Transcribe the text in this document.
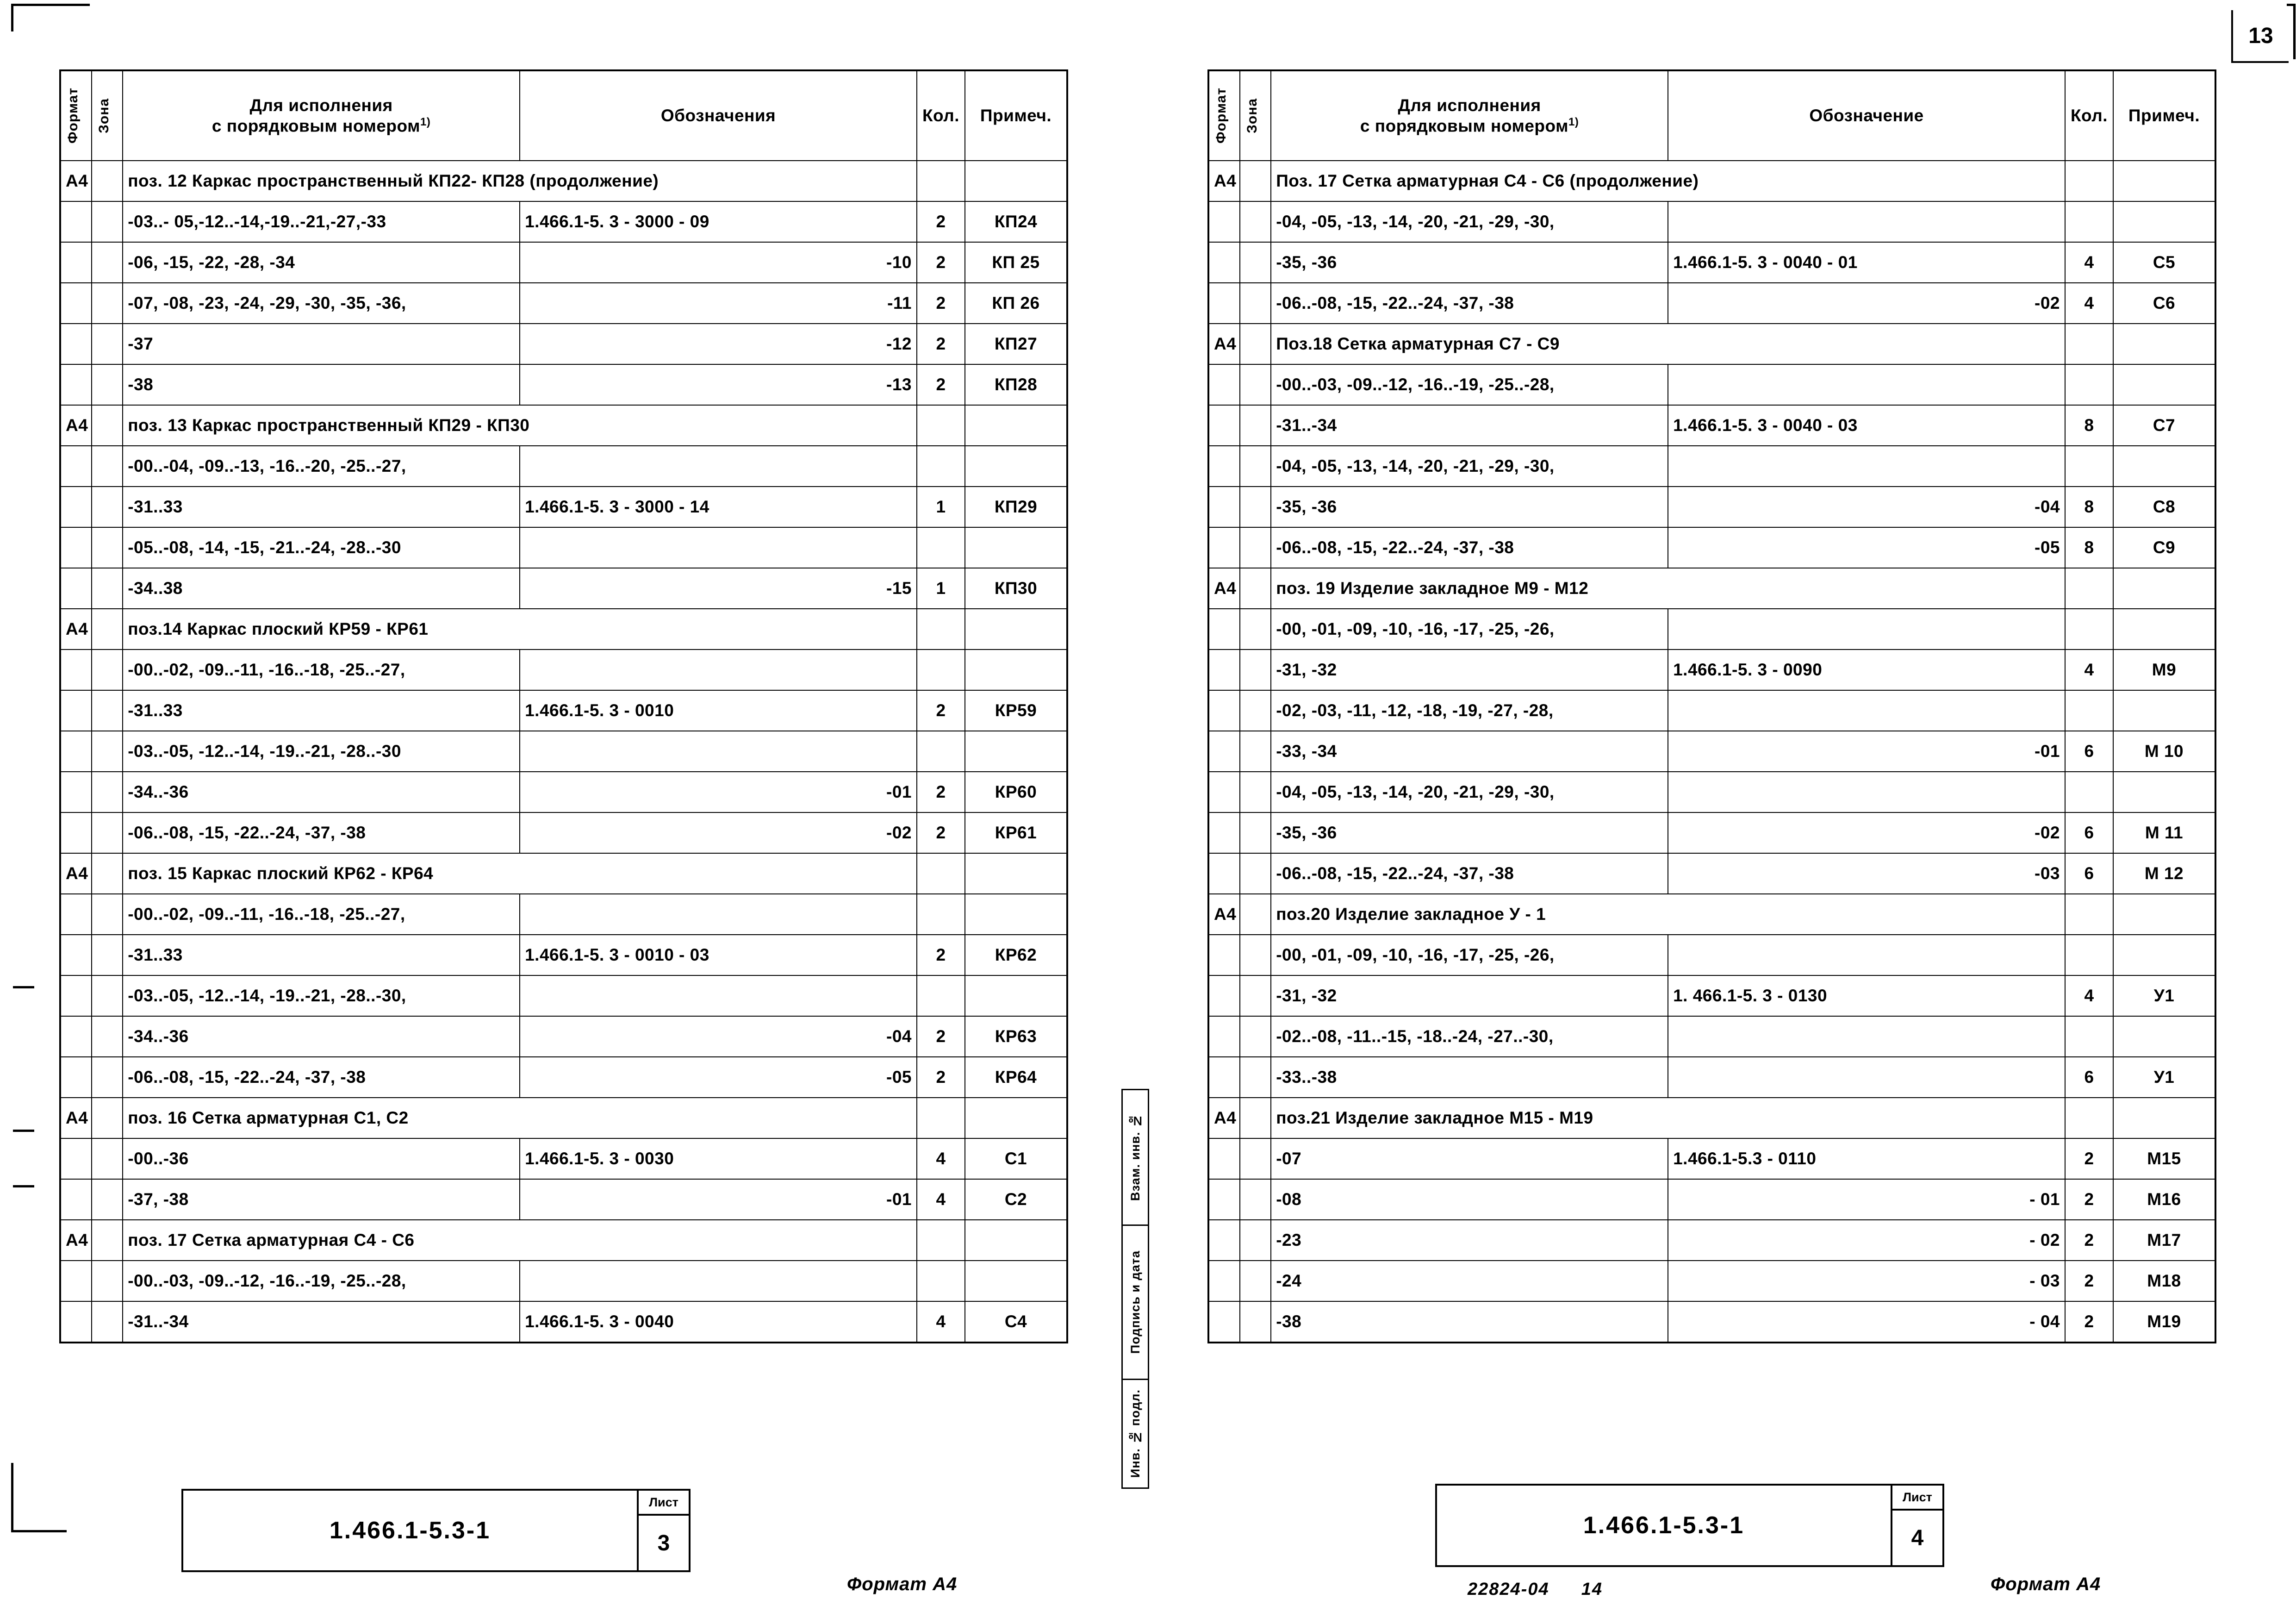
Формат	Зона	Для исполнения
с порядковым номером$^{1)}$	Обозначения	Кол.	Примеч.
А4		поз. 12 Каркас пространственный КП22- КП28 (продолжение)			
		-03..- 05,-12..-14,-19..-21,-27,-33	1.466.1-5. 3 - 3000 - 09	2	КП24
		-06, -15, -22, -28, -34	-10	2	КП 25
		-07, -08, -23, -24, -29, -30, -35, -36,	-11	2	КП 26
		-37	-12	2	КП27
		-38	-13	2	КП28
А4		поз. 13 Каркас пространственный КП29 - КП30			
		-00..-04, -09..-13, -16..-20, -25..-27,			
		-31..33	1.466.1-5. 3 - 3000 - 14	1	КП29
		-05..-08, -14, -15, -21..-24, -28..-30			
		-34..38	-15	1	КП30
А4		поз.14 Каркас плоский КР59 - КР61			
		-00..-02, -09..-11, -16..-18, -25..-27,			
		-31..33	1.466.1-5. 3 - 0010	2	КР59
		-03..-05, -12..-14, -19..-21, -28..-30			
		-34..-36	-01	2	КР60
		-06..-08, -15, -22..-24, -37, -38	-02	2	КР61
А4		поз. 15 Каркас плоский КР62 - КР64			
		-00..-02, -09..-11, -16..-18, -25..-27,			
		-31..33	1.466.1-5. 3 - 0010 - 03	2	КР62
		-03..-05, -12..-14, -19..-21, -28..-30,			
		-34..-36	-04	2	КР63
		-06..-08, -15, -22..-24, -37, -38	-05	2	КР64
А4		поз. 16 Сетка арматурная С1, С2			
		-00..-36	1.466.1-5. 3 - 0030	4	С1
		-37, -38	-01	4	С2
А4		поз. 17 Сетка арматурная С4 - С6			
		-00..-03, -09..-12, -16..-19, -25..-28,			
		-31..-34	1.466.1-5. 3 - 0040	4	С4
1.466.1-5.3-1
Лист
3
Формат А4
13
Взам. инв. №
Подпись и дата
Инв. № подл.
Формат	Зона	Для исполнения
с порядковым номером$^{1)}$	Обозначение	Кол.	Примеч.
А4		Поз. 17 Сетка арматурная С4 - С6 (продолжение)			
		-04, -05, -13, -14, -20, -21, -29, -30,			
		-35, -36	1.466.1-5. 3 - 0040 - 01	4	С5
		-06..-08, -15, -22..-24, -37, -38	-02	4	С6
А4		Поз.18 Сетка арматурная С7 - С9			
		-00..-03, -09..-12, -16..-19, -25..-28,			
		-31..-34	1.466.1-5. 3 - 0040 - 03	8	С7
		-04, -05, -13, -14, -20, -21, -29, -30,			
		-35, -36	-04	8	С8
		-06..-08, -15, -22..-24, -37, -38	-05	8	С9
А4		поз. 19 Изделие закладное М9 - М12			
		-00, -01, -09, -10, -16, -17, -25, -26,			
		-31, -32	1.466.1-5. 3 - 0090	4	М9
		-02, -03, -11, -12, -18, -19, -27, -28,			
		-33, -34	-01	6	М 10
		-04, -05, -13, -14, -20, -21, -29, -30,			
		-35, -36	-02	6	М 11
		-06..-08, -15, -22..-24, -37, -38	-03	6	М 12
А4		поз.20 Изделие закладное У - 1			
		-00, -01, -09, -10, -16, -17, -25, -26,			
		-31, -32	1. 466.1-5. 3 - 0130	4	У1
		-02..-08, -11..-15, -18..-24, -27..-30,			
		-33..-38		6	У1
А4		поз.21 Изделие закладное М15 - М19			
		-07	1.466.1-5.3 - 0110	2	М15
		-08	- 01	2	М16
		-23	- 02	2	М17
		-24	- 03	2	М18
		-38	- 04	2	М19
1.466.1-5.3-1
Лист
4
22824-04 14	Формат А4
